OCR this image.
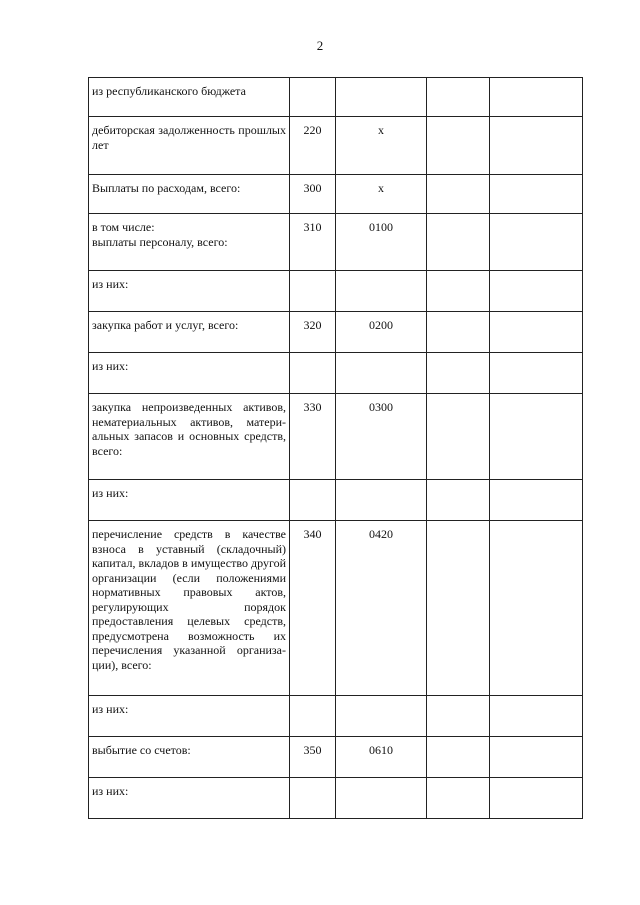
2
из республиканского бюджета				
дебиторская задолженность прошлых лет	220	х		
Выплаты по расходам, всего:	300	х		
в том числе:
выплаты персоналу, всего:	310	0100		
из них:				
закупка работ и услуг, всего:	320	0200		
из них:				
закупка непроизведенных активов, нематериальных активов, материальных запасов и основных средств, всего:	330	0300		
из них:				
перечисление средств в качестве взноса в уставный (складочный) капитал, вкладов в имущество другой организации (если положениями нормативных правовых актов, регулирующих порядок предоставления целевых средств, предусмотрена возможность их перечисления указанной организации), всего:	340	0420		
из них:				
выбытие со счетов:	350	0610		
из них:				
